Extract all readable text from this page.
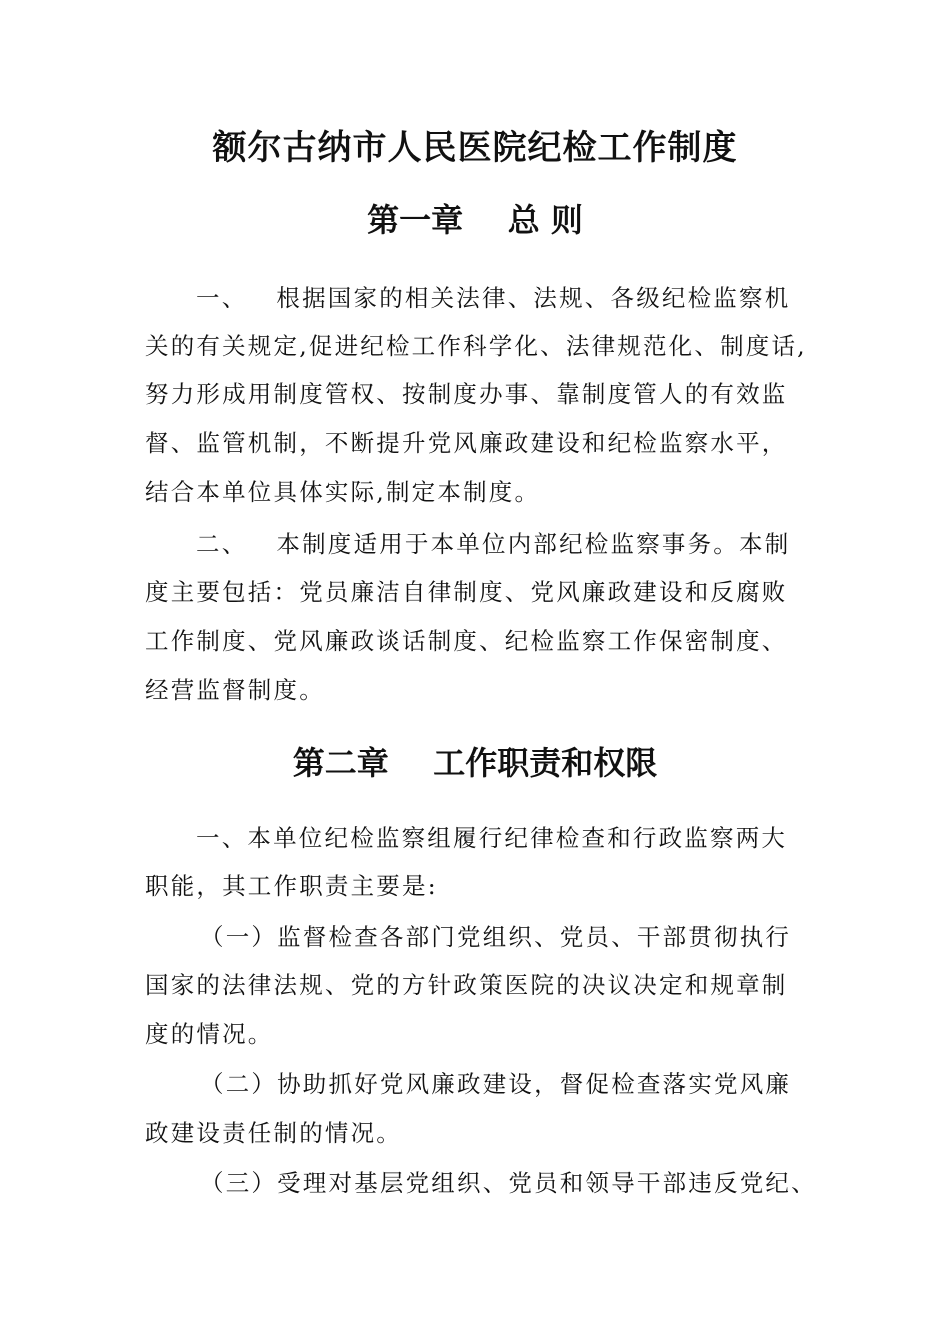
额尔古纳市人民医院纪检工作制度
第一章    总 则
一、   根据国家的相关法律、法规、各级纪检监察机
关的有关规定,促进纪检工作科学化、法律规范化、制度话,
努力形成用制度管权、按制度办事、靠制度管人的有效监
督、监管机制，不断提升党风廉政建设和纪检监察水平，
结合本单位具体实际,制定本制度。
二、   本制度适用于本单位内部纪检监察事务。本制
度主要包括：党员廉洁自律制度、党风廉政建设和反腐败
工作制度、党风廉政谈话制度、纪检监察工作保密制度、
经营监督制度。
第二章    工作职责和权限
一、本单位纪检监察组履行纪律检查和行政监察两大
职能，其工作职责主要是:
（一）监督检查各部门党组织、党员、干部贯彻执行
国家的法律法规、党的方针政策医院的决议决定和规章制
度的情况。
（二）协助抓好党风廉政建设，督促检查落实党风廉
政建设责任制的情况。
（三）受理对基层党组织、党员和领导干部违反党纪、
